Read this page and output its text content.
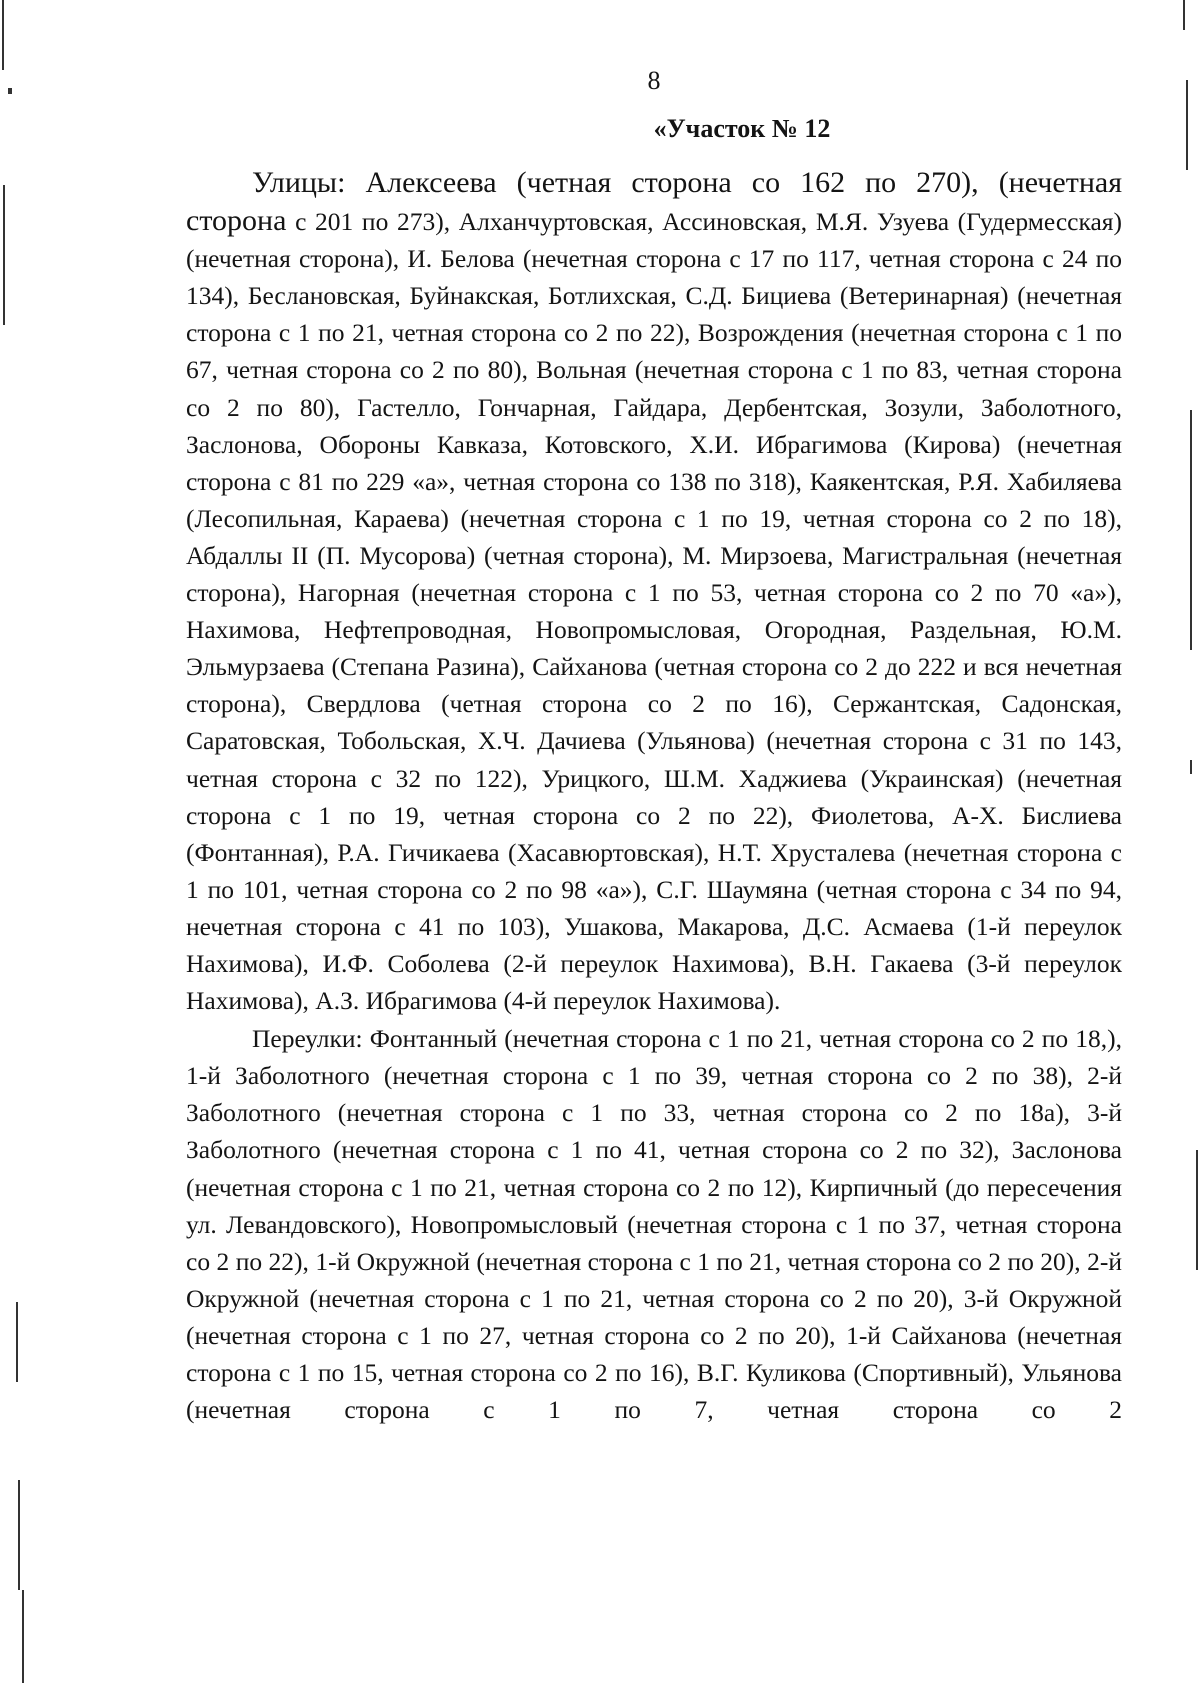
8
«Участок № 12

Улицы: Алексеева (четная сторона со 162 по 270), (нечетная сторона с 201 по 273), Алханчуртовская, Ассиновская, М.Я. Узуева (Гудермесская) (нечетная сторона), И. Белова (нечетная сторона с 17 по 117, четная сторона с 24 по 134), Беслановская, Буйнакская, Ботлихская, С.Д. Бициева (Ветеринарная) (нечетная сторона с 1 по 21, четная сторона со 2 по 22), Возрождения (нечетная сторона с 1 по 67, четная сторона со 2 по 80), Вольная (нечетная сторона с 1 по 83, четная сторона со 2 по 80), Гастелло, Гончарная, Гайдара, Дербентская, Зозули, Заболотного, Заслонова, Обороны Кавказа, Котовского, Х.И. Ибрагимова (Кирова) (нечетная сторона с 81 по 229 «а», четная сторона со 138 по 318), Каякентская, Р.Я. Хабиляева (Лесопильная, Караева) (нечетная сторона с 1 по 19, четная сторона со 2 по 18), Абдаллы II (П. Мусорова) (четная сторона), М. Мирзоева, Магистральная (нечетная сторона), Нагорная (нечетная сторона с 1 по 53, четная сторона со 2 по 70 «а»), Нахимова, Нефтепроводная, Новопромысловая, Огородная, Раздельная, Ю.М. Эльмурзаева (Степана Разина), Сайханова (четная сторона со 2 до 222 и вся нечетная сторона), Свердлова (четная сторона со 2 по 16), Сержантская, Садонская, Саратовская, Тобольская, Х.Ч. Дачиева (Ульянова) (нечетная сторона с 31 по 143, четная сторона с 32 по 122), Урицкого, Ш.М. Хаджиева (Украинская) (нечетная сторона с 1 по 19, четная сторона со 2 по 22), Фиолетова, А-Х. Бислиева (Фонтанная), Р.А. Гичикаева (Хасавюртовская), Н.Т. Хрусталева (нечетная сторона с 1 по 101, четная сторона со 2 по 98 «а»), С.Г. Шаумяна (четная сторона с 34 по 94, нечетная сторона с 41 по 103), Ушакова, Макарова, Д.С. Асмаева (1-й переулок Нахимова), И.Ф. Соболева (2-й переулок Нахимова), В.Н. Гакаева (3-й переулок Нахимова), А.З. Ибрагимова (4-й переулок Нахимова).

Переулки: Фонтанный (нечетная сторона с 1 по 21, четная сторона со 2 по 18,), 1-й Заболотного (нечетная сторона с 1 по 39, четная сторона со 2 по 38), 2-й Заболотного (нечетная сторона с 1 по 33, четная сторона со 2 по 18а), 3-й Заболотного (нечетная сторона с 1 по 41, четная сторона со 2 по 32), Заслонова (нечетная сторона с 1 по 21, четная сторона со 2 по 12), Кирпичный (до пересечения ул. Левандовского), Новопромысловый (нечетная сторона с 1 по 37, четная сторона со 2 по 22), 1-й Окружной (нечетная сторона с 1 по 21, четная сторона со 2 по 20), 2-й Окружной (нечетная сторона с 1 по 21, четная сторона со 2 по 20), 3-й Окружной (нечетная сторона с 1 по 27, четная сторона со 2 по 20), 1-й Сайханова (нечетная сторона с 1 по 15, четная сторона со 2 по 16), В.Г. Куликова (Спортивный), Ульянова (нечетная сторона с 1 по 7, четная сторона со 2
